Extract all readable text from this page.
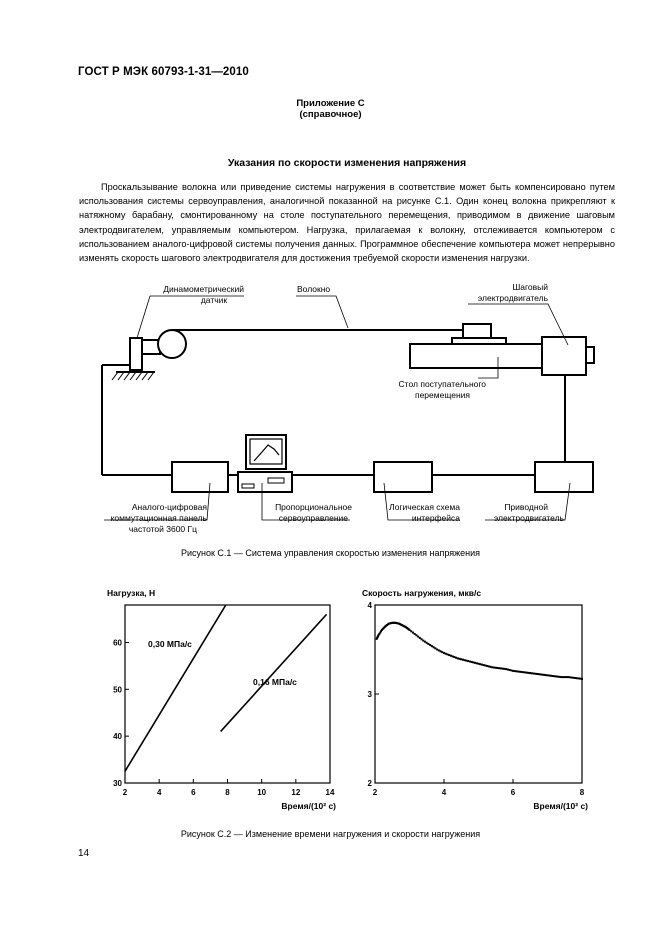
ГОСТ Р МЭК 60793-1-31—2010
Приложение С
(справочное)
Указания по скорости изменения напряжения

Проскальзывание волокна или приведение системы нагружения в соответствие может быть компенсировано путем использования системы сервоуправления, аналогичной показанной на рисунке С.1. Один конец волокна прикрепляют к натяжному барабану, смонтированному на столе поступательного перемещения, приводимом в движение шаговым электродвигателем, управляемым компьютером. Нагрузка, прилагаемая к волокну, отслеживается компьютером с использованием аналого-цифровой системы получения данных. Программное обеспечение компьютера может непрерывно изменять скорость шагового электродвигателя для достижения требуемой скорости изменения нагрузки.

Динамометрический
датчик
Волокно	Шаговый
электродвигатель
Стол поступательного
перемещения
Аналого-цифровая
коммутационная панель
частотой 3600 Гц
Пропорциональное
сервоуправление
Логическая схема
интерфейса
Приводной
электродвигатель
Рисунок С.1 — Система управления скоростью изменения напряжения
Нагрузка, Н
Время/(10² с)
2	4	6	8	10	12	14
30
40
50
60	0,30 МПа/с
0,16 МПа/с
Скорость нагружения, мкв/с
Время/(10² с)
2	4	6	8
2
3
4
Рисунок С.2 — Изменение времени нагружения и скорости нагружения
14
